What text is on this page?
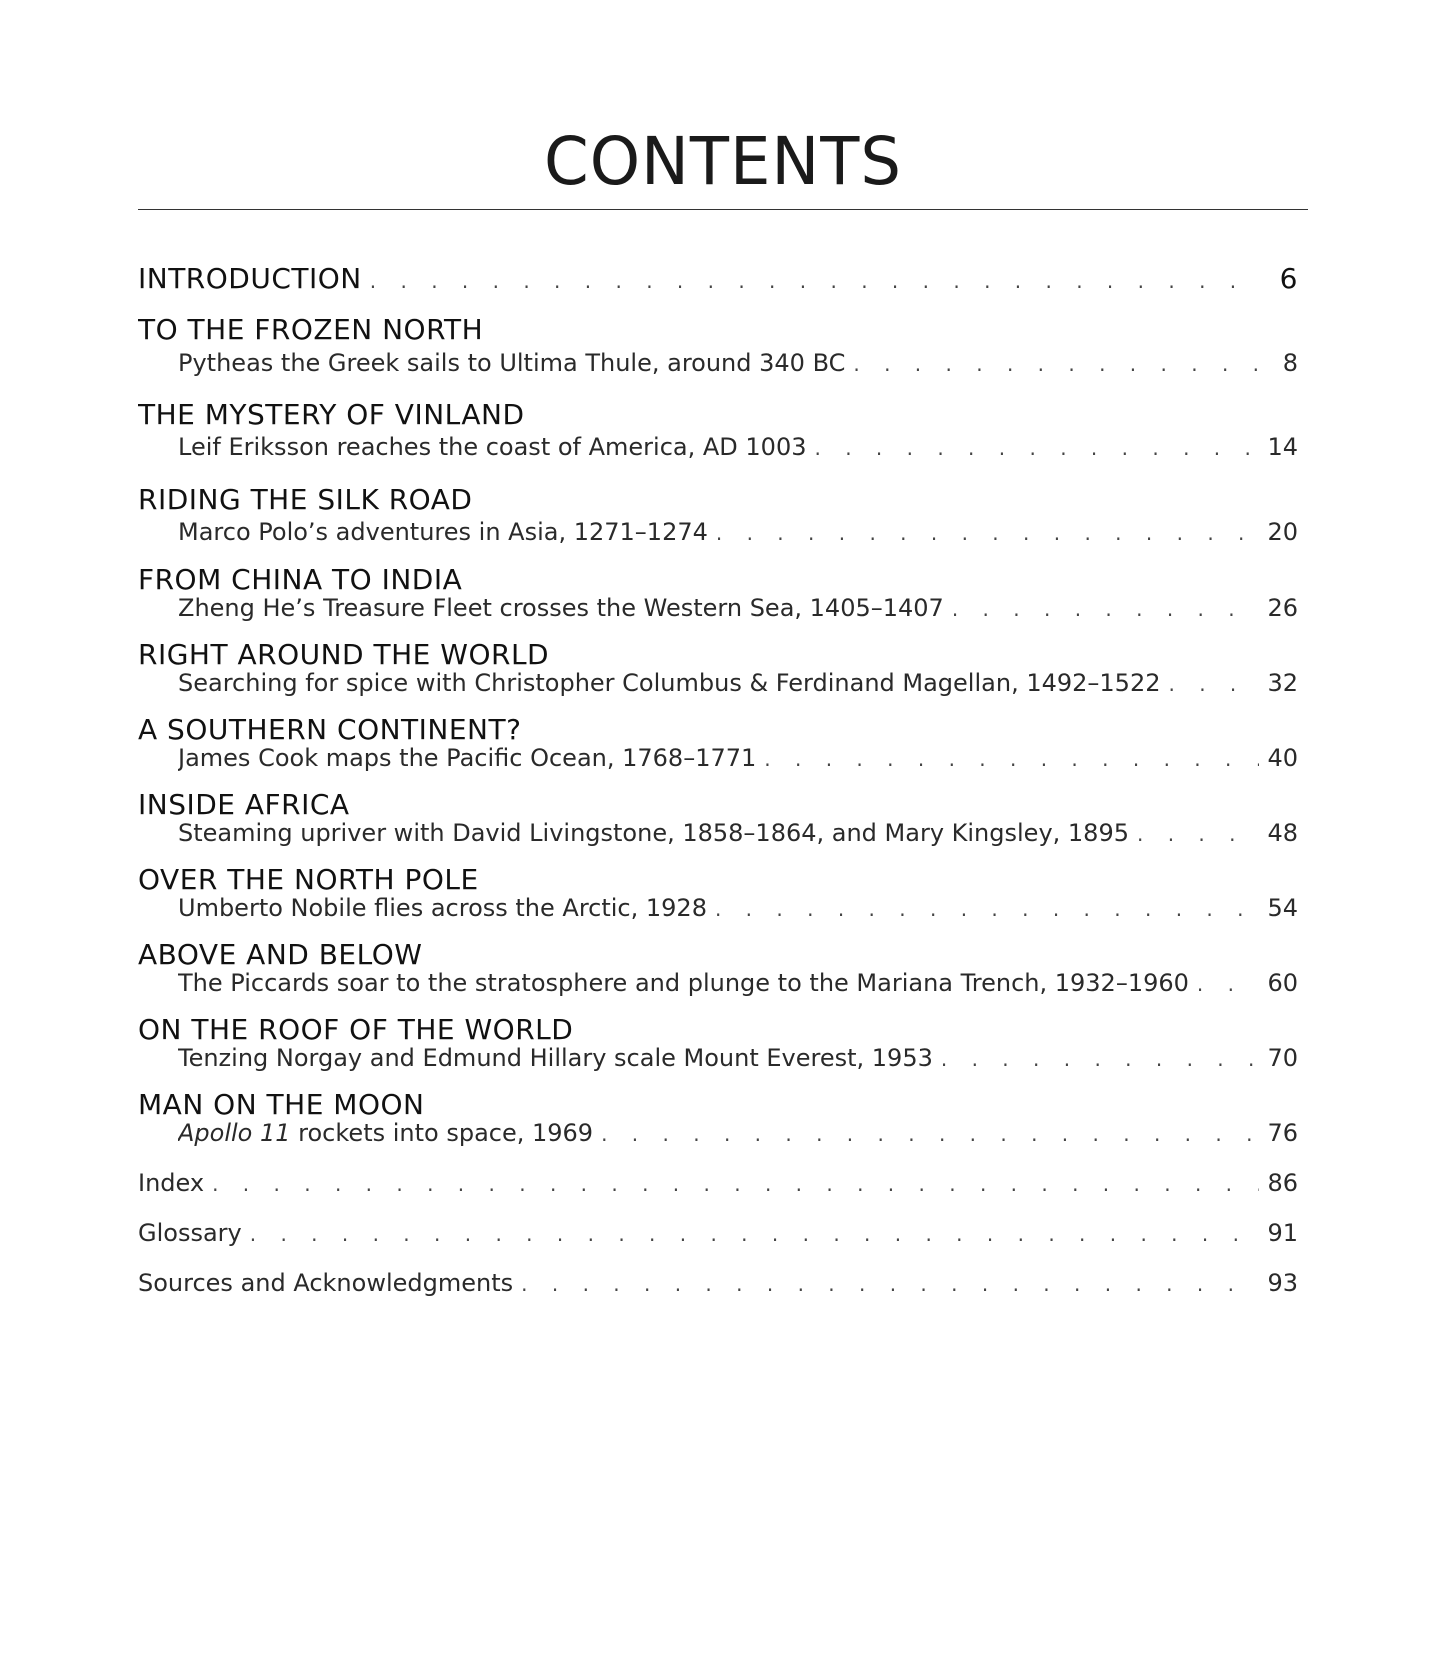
CONTENTS
INTRODUCTION . . .	6
TO THE FROZEN NORTH
Pytheas the Greek sails to Ultima Thule, around 340 BC . . .	8
THE MYSTERY OF VINLAND
Leif Eriksson reaches the coast of America, AD 1003 . . .	14
RIDING THE SILK ROAD
Marco Polo’s adventures in Asia, 1271–1274 . . .	20
FROM CHINA TO INDIA
Zheng He’s Treasure Fleet crosses the Western Sea, 1405–1407 . . .	26
RIGHT AROUND THE WORLD
Searching for spice with Christopher Columbus & Ferdinand Magellan, 1492–1522 . . .	32
A SOUTHERN CONTINENT?
James Cook maps the Pacific Ocean, 1768–1771 . . .	40
INSIDE AFRICA
Steaming upriver with David Livingstone, 1858–1864, and Mary Kingsley, 1895 . . .	48
OVER THE NORTH POLE
Umberto Nobile flies across the Arctic, 1928 . . .	54
ABOVE AND BELOW
The Piccards soar to the stratosphere and plunge to the Mariana Trench, 1932–1960 . . .	60
ON THE ROOF OF THE WORLD
Tenzing Norgay and Edmund Hillary scale Mount Everest, 1953 . . .	70
MAN ON THE MOON
Apollo 11 rockets into space, 1969 . . .	76
Index . . .	86
Glossary . . .	91
Sources and Acknowledgments . . .	93
